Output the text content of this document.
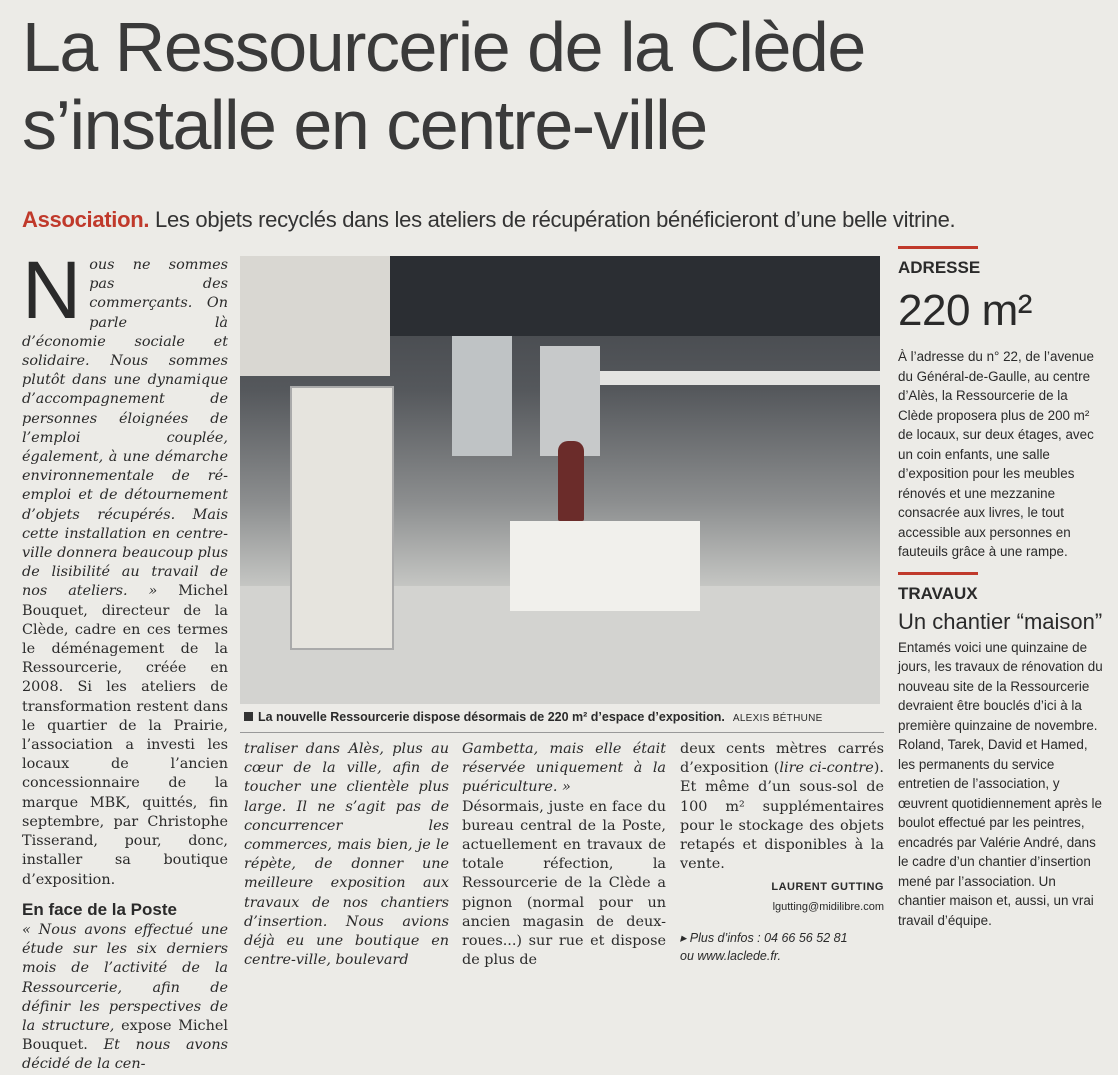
La Ressourcerie de la Clède
s’installe en centre-ville
Association. Les objets recyclés dans les ateliers de récupération bénéficieront d’une belle vitrine.

Nous ne sommes pas des commerçants. On parle là d’économie sociale et solidaire. Nous sommes plutôt dans une dynamique d’accompagnement de personnes éloignées de l’emploi couplée, également, à une démarche environnementale de ré-emploi et de détournement d’objets récupérés. Mais cette installation en centre-ville donnera beaucoup plus de lisibilité au travail de nos ateliers. » Michel Bouquet, directeur de la Clède, cadre en ces termes le déménagement de la Ressourcerie, créée en 2008. Si les ateliers de transformation restent dans le quartier de la Prairie, l’association a investi les locaux de l’ancien concessionnaire de la marque MBK, quittés, fin septembre, par Christophe Tisserand, pour, donc, installer sa boutique d’exposition.

En face de la Poste

« Nous avons effectué une étude sur les six derniers mois de l’activité de la Ressourcerie, afin de définir les perspectives de la structure, expose Michel Bouquet. Et nous avons décidé de la cen-

La nouvelle Ressourcerie dispose désormais de 220 m² d’espace d’exposition. ALEXIS BÉTHUNE

traliser dans Alès, plus au cœur de la ville, afin de toucher une clientèle plus large. Il ne s’agit pas de concurrencer les commerces, mais bien, je le répète, de donner une meilleure exposition aux travaux de nos chantiers d’insertion. Nous avions déjà eu une boutique en centre-ville, boulevard

Gambetta, mais elle était réservée uniquement à la puériculture. »
Désormais, juste en face du bureau central de la Poste, actuellement en travaux de totale réfection, la Ressourcerie de la Clède a pignon (normal pour un ancien magasin de deux-roues...) sur rue et dispose de plus de

deux cents mètres carrés d’exposition (lire ci-contre). Et même d’un sous-sol de 100 m² supplémentaires pour le stockage des objets retapés et disponibles à la vente.

LAURENT GUTTING
lgutting@midilibre.com
▸ Plus d’infos : 04 66 56 52 81
ou www.laclede.fr.
ADRESSE
220 m²

À l’adresse du n° 22, de l’avenue du Général-de-Gaulle, au centre d’Alès, la Ressourcerie de la Clède proposera plus de 200 m² de locaux, sur deux étages, avec un coin enfants, une salle d’exposition pour les meubles rénovés et une mezzanine consacrée aux livres, le tout accessible aux personnes en fauteuils grâce à une rampe.

TRAVAUX
Un chantier “maison”

Entamés voici une quinzaine de jours, les travaux de rénovation du nouveau site de la Ressourcerie devraient être bouclés d’ici à la première quinzaine de novembre. Roland, Tarek, David et Hamed, les permanents du service entretien de l’association, y œuvrent quotidiennement après le boulot effectué par les peintres, encadrés par Valérie André, dans le cadre d’un chantier d’insertion mené par l’association. Un chantier maison et, aussi, un vrai travail d’équipe.
